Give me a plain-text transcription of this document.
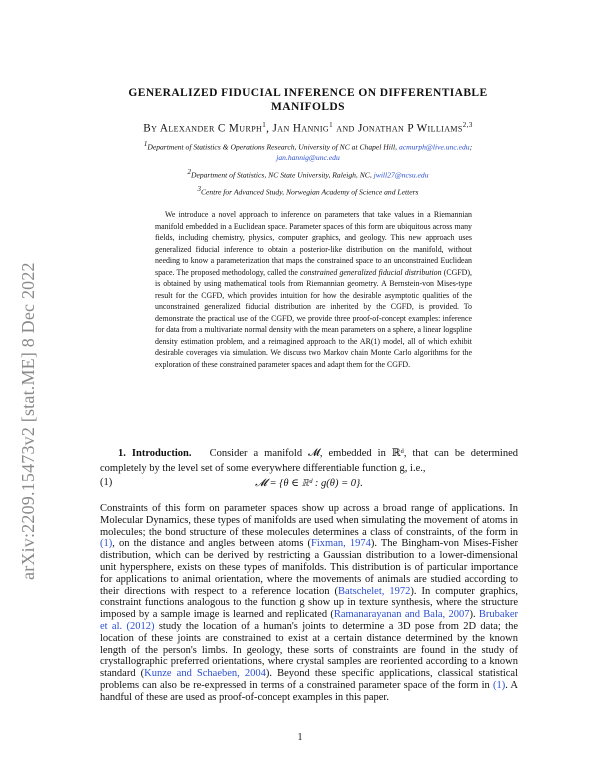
arXiv:2209.15473v2 [stat.ME] 8 Dec 2022
GENERALIZED FIDUCIAL INFERENCE ON DIFFERENTIABLE MANIFOLDS
By Alexander C Murph$^1$, Jan Hannig$^1$ and Jonathan P Williams$^{2,3}$
$^1$Department of Statistics & Operations Research, University of NC at Chapel Hill, acmurph@live.unc.edu;
jan.hannig@unc.edu
$^2$Department of Statistics, NC State University, Raleigh, NC, jwill27@ncsu.edu
$^3$Centre for Advanced Study, Norwegian Academy of Science and Letters
We introduce a novel approach to inference on parameters that take values in a Riemannian manifold embedded in a Euclidean space. Parameter spaces of this form are ubiquitous across many fields, including chemistry, physics, computer graphics, and geology. This new approach uses generalized fiducial inference to obtain a posterior-like distribution on the manifold, without needing to know a parameterization that maps the constrained space to an unconstrained Euclidean space. The proposed methodology, called the constrained generalized fiducial distribution (CGFD), is obtained by using mathematical tools from Riemannian geometry. A Bernstein-von Mises-type result for the CGFD, which provides intuition for how the desirable asymptotic qualities of the unconstrained generalized fiducial distribution are inherited by the CGFD, is provided. To demonstrate the practical use of the CGFD, we provide three proof-of-concept examples: inference for data from a multivariate normal density with the mean parameters on a sphere, a linear logspline density estimation problem, and a reimagined approach to the AR(1) model, all of which exhibit desirable coverages via simulation. We discuss two Markov chain Monte Carlo algorithms for the exploration of these constrained parameter spaces and adapt them for the CGFD.
1. Introduction. Consider a manifold 𝓜, embedded in ℝᵈ, that can be determined completely by the level set of some everywhere differentiable function g, i.e.,
(1)	𝓜 = {θ ∈ ℝᵈ : g(θ) = 0}.
Constraints of this form on parameter spaces show up across a broad range of applications. In Molecular Dynamics, these types of manifolds are used when simulating the movement of atoms in molecules; the bond structure of these molecules determines a class of constraints, of the form in (1), on the distance and angles between atoms (Fixman, 1974). The Bingham-von Mises-Fisher distribution, which can be derived by restricting a Gaussian distribution to a lower-dimensional unit hypersphere, exists on these types of manifolds. This distribution is of particular importance for applications to animal orientation, where the movements of animals are studied according to their directions with respect to a reference location (Batschelet, 1972). In computer graphics, constraint functions analogous to the function g show up in texture synthesis, where the structure imposed by a sample image is learned and replicated (Ramanarayanan and Bala, 2007). Brubaker et al. (2012) study the location of a human's joints to determine a 3D pose from 2D data; the location of these joints are constrained to exist at a certain distance determined by the known length of the person's limbs. In geology, these sorts of constraints are found in the study of crystallographic preferred orientations, where crystal samples are reoriented according to a known standard (Kunze and Schaeben, 2004). Beyond these specific applications, classical statistical problems can also be re-expressed in terms of a constrained parameter space of the form in (1). A handful of these are used as proof-of-concept examples in this paper.
1
